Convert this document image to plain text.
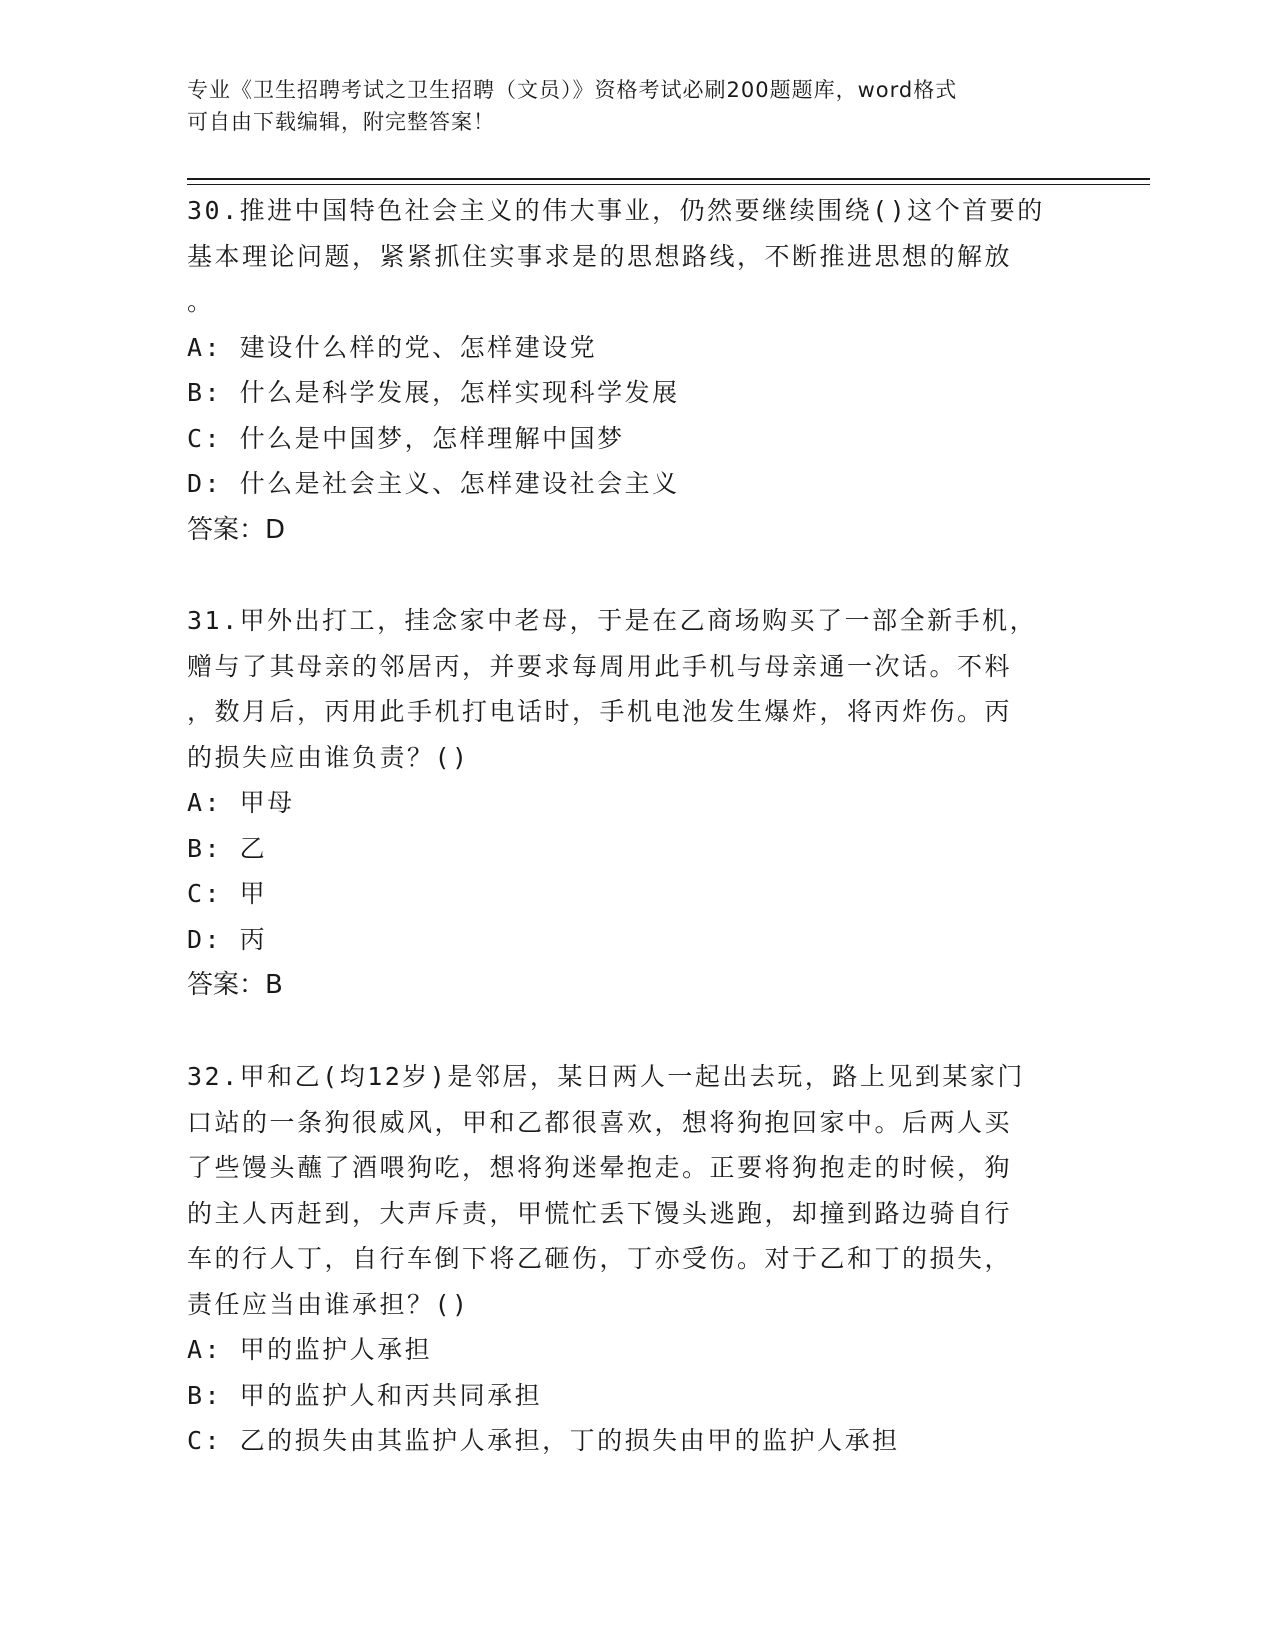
专业《卫生招聘考试之卫生招聘（文员）》资格考试必刷200题题库，word格式
可自由下载编辑，附完整答案！

30.推进中国特色社会主义的伟大事业，仍然要继续围绕()这个首要的
基本理论问题，紧紧抓住实事求是的思想路线，不断推进思想的解放
。

A: 建设什么样的党、怎样建设党

B: 什么是科学发展，怎样实现科学发展

C: 什么是中国梦，怎样理解中国梦

D: 什么是社会主义、怎样建设社会主义

答案：D

31.甲外出打工，挂念家中老母，于是在乙商场购买了一部全新手机，
赠与了其母亲的邻居丙，并要求每周用此手机与母亲通一次话。不料
，数月后，丙用此手机打电话时，手机电池发生爆炸，将丙炸伤。丙
的损失应由谁负责？()

A: 甲母

B: 乙

C: 甲

D: 丙

答案：B

32.甲和乙(均12岁)是邻居，某日两人一起出去玩，路上见到某家门
口站的一条狗很威风，甲和乙都很喜欢，想将狗抱回家中。后两人买
了些馒头蘸了酒喂狗吃，想将狗迷晕抱走。正要将狗抱走的时候，狗
的主人丙赶到，大声斥责，甲慌忙丢下馒头逃跑，却撞到路边骑自行
车的行人丁，自行车倒下将乙砸伤，丁亦受伤。对于乙和丁的损失，
责任应当由谁承担？()

A: 甲的监护人承担

B: 甲的监护人和丙共同承担

C: 乙的损失由其监护人承担，丁的损失由甲的监护人承担
